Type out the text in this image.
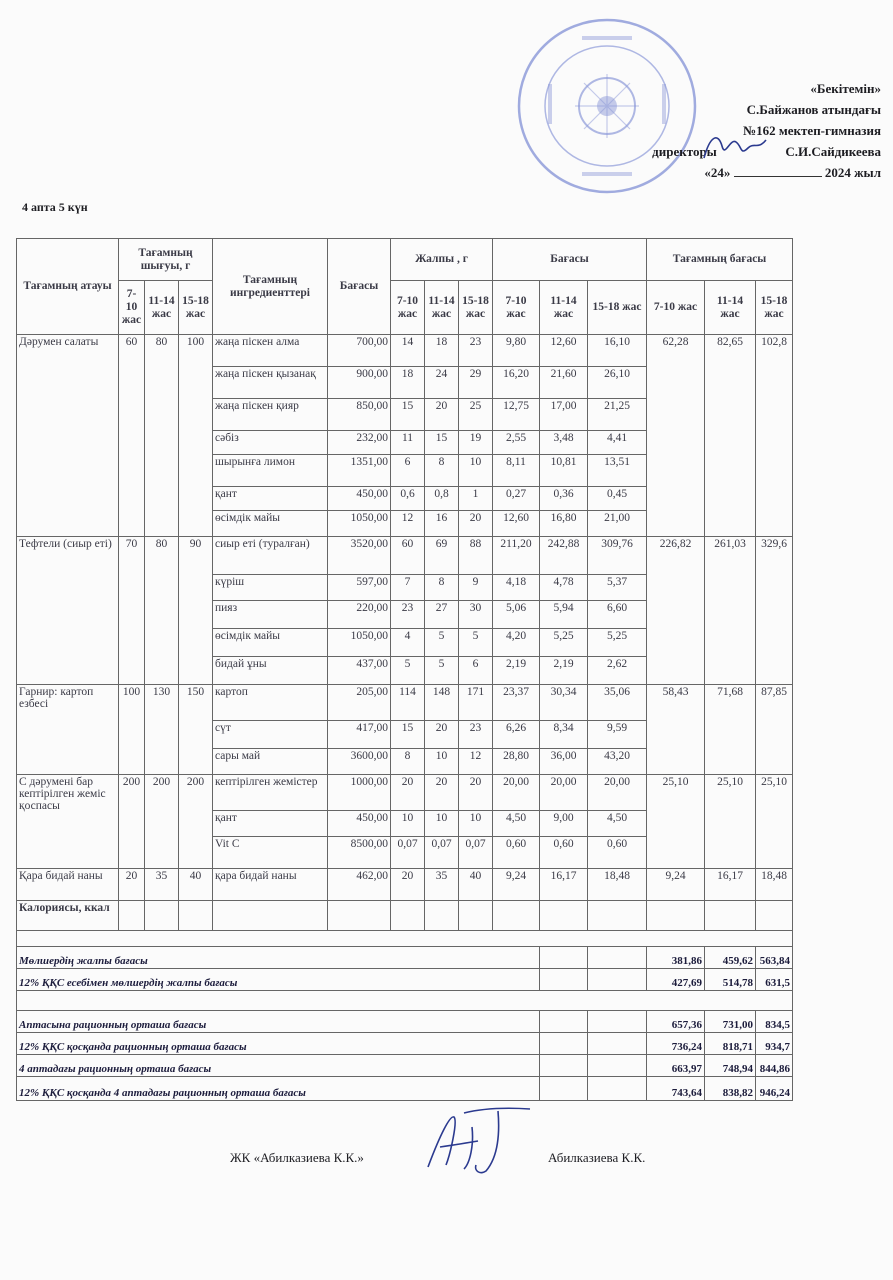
«Бекітемін»
С.Байжанов атындағы
№162 мектеп-гимназия
директоры	С.И.Сайдикеева
«24»	2024 жыл
4 апта 5 күн
Тағамның атауы	Тағамның шығуы, г			Тағамның ингредиенттері	Бағасы	Жалпы , г			Бағасы			Тағамның бағасы		
	7-10 жас	11-14 жас	15-18 жас			7-10 жас	11-14 жас	15-18 жас	7-10 жас	11-14 жас	15-18 жас	7-10 жас	11-14 жас	15-18 жас
Дәрумен салаты	60	80	100	жаңа піскен алма	700,00	14	18	23	9,80	12,60	16,10	62,28	82,65	102,8
				жаңа піскен қызанақ	900,00	18	24	29	16,20	21,60	26,10			
				жаңа піскен қияр	850,00	15	20	25	12,75	17,00	21,25			
				сәбіз	232,00	11	15	19	2,55	3,48	4,41			
				шырынға лимон	1351,00	6	8	10	8,11	10,81	13,51			
				қант	450,00	0,6	0,8	1	0,27	0,36	0,45			
				өсімдік майы	1050,00	12	16	20	12,60	16,80	21,00			
Тефтели (сиыр еті)	70	80	90	сиыр еті (туралған)	3520,00	60	69	88	211,20	242,88	309,76	226,82	261,03	329,6
				күріш	597,00	7	8	9	4,18	4,78	5,37			
				пияз	220,00	23	27	30	5,06	5,94	6,60			
				өсімдік майы	1050,00	4	5	5	4,20	5,25	5,25			
				бидай ұны	437,00	5	5	6	2,19	2,19	2,62			
Гарнир: картоп езбесі	100	130	150	картоп	205,00	114	148	171	23,37	30,34	35,06	58,43	71,68	87,85
				сүт	417,00	15	20	23	6,26	8,34	9,59			
				сары май	3600,00	8	10	12	28,80	36,00	43,20			
С дәрумені бар кептірілген жеміс қоспасы	200	200	200	кептірілген жемістер	1000,00	20	20	20	20,00	20,00	20,00	25,10	25,10	25,10
				қант	450,00	10	10	10	4,50	9,00	4,50			
				Vit C	8500,00	0,07	0,07	0,07	0,60	0,60	0,60			
Қара бидай наны	20	35	40	қара бидай наны	462,00	20	35	40	9,24	16,17	18,48	9,24	16,17	18,48
Калориясы, ккал														

Мөлшердің жалпы бағасы												381,86	459,62	563,84
12% ҚҚС есебімен мөлшердің жалпы бағасы												427,69	514,78	631,5

Аптасына рационның орташа бағасы												657,36	731,00	834,5
12% ҚҚС қосқанда рационның орташа бағасы												736,24	818,71	934,7
4 аптадағы рационның орташа бағасы												663,97	748,94	844,86
12% ҚҚС қосқанда 4 аптадағы рационның орташа бағасы												743,64	838,82	946,24
ЖК «Абилказиева К.К.»	Абилказиева К.К.
